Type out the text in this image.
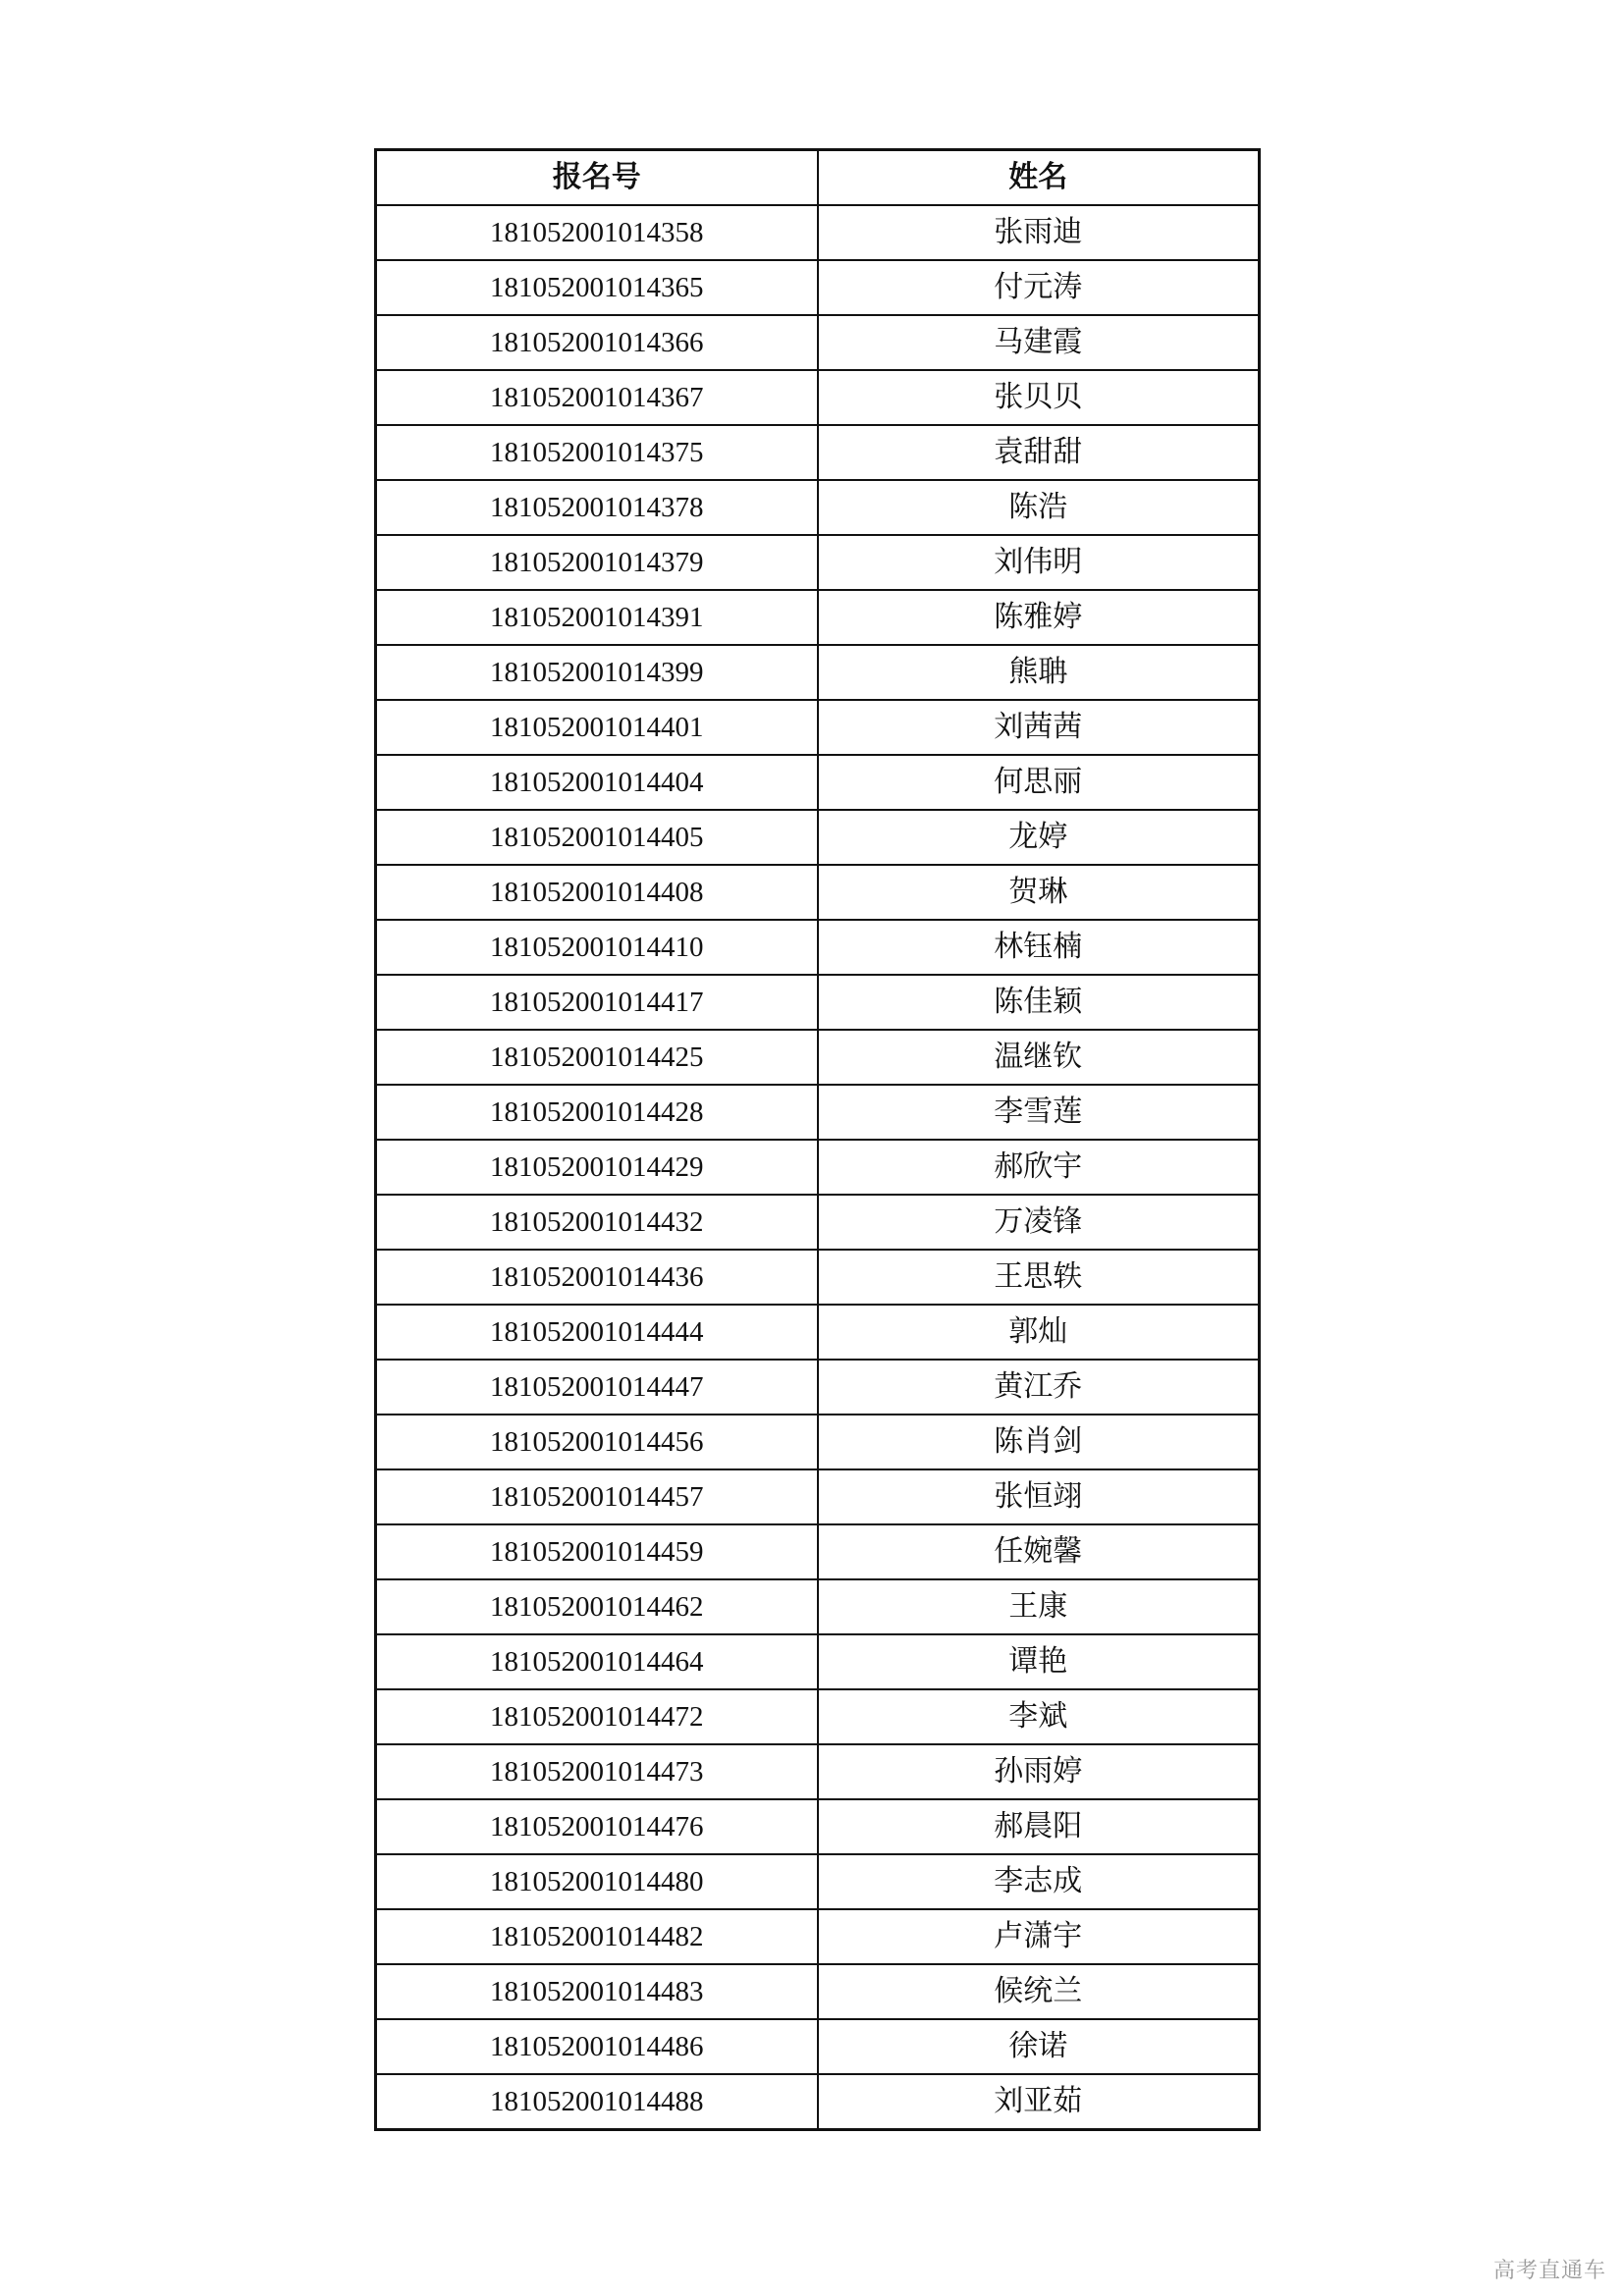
报名号	姓名
181052001014358	张雨迪
181052001014365	付元涛
181052001014366	马建霞
181052001014367	张贝贝
181052001014375	袁甜甜
181052001014378	陈浩
181052001014379	刘伟明
181052001014391	陈雅婷
181052001014399	熊聃
181052001014401	刘茜茜
181052001014404	何思丽
181052001014405	龙婷
181052001014408	贺琳
181052001014410	林钰楠
181052001014417	陈佳颖
181052001014425	温继钦
181052001014428	李雪莲
181052001014429	郝欣宇
181052001014432	万凌锋
181052001014436	王思轶
181052001014444	郭灿
181052001014447	黄江乔
181052001014456	陈肖剑
181052001014457	张恒翊
181052001014459	任婉馨
181052001014462	王康
181052001014464	谭艳
181052001014472	李斌
181052001014473	孙雨婷
181052001014476	郝晨阳
181052001014480	李志成
181052001014482	卢潇宇
181052001014483	候统兰
181052001014486	徐诺
181052001014488	刘亚茹
高考直通车
